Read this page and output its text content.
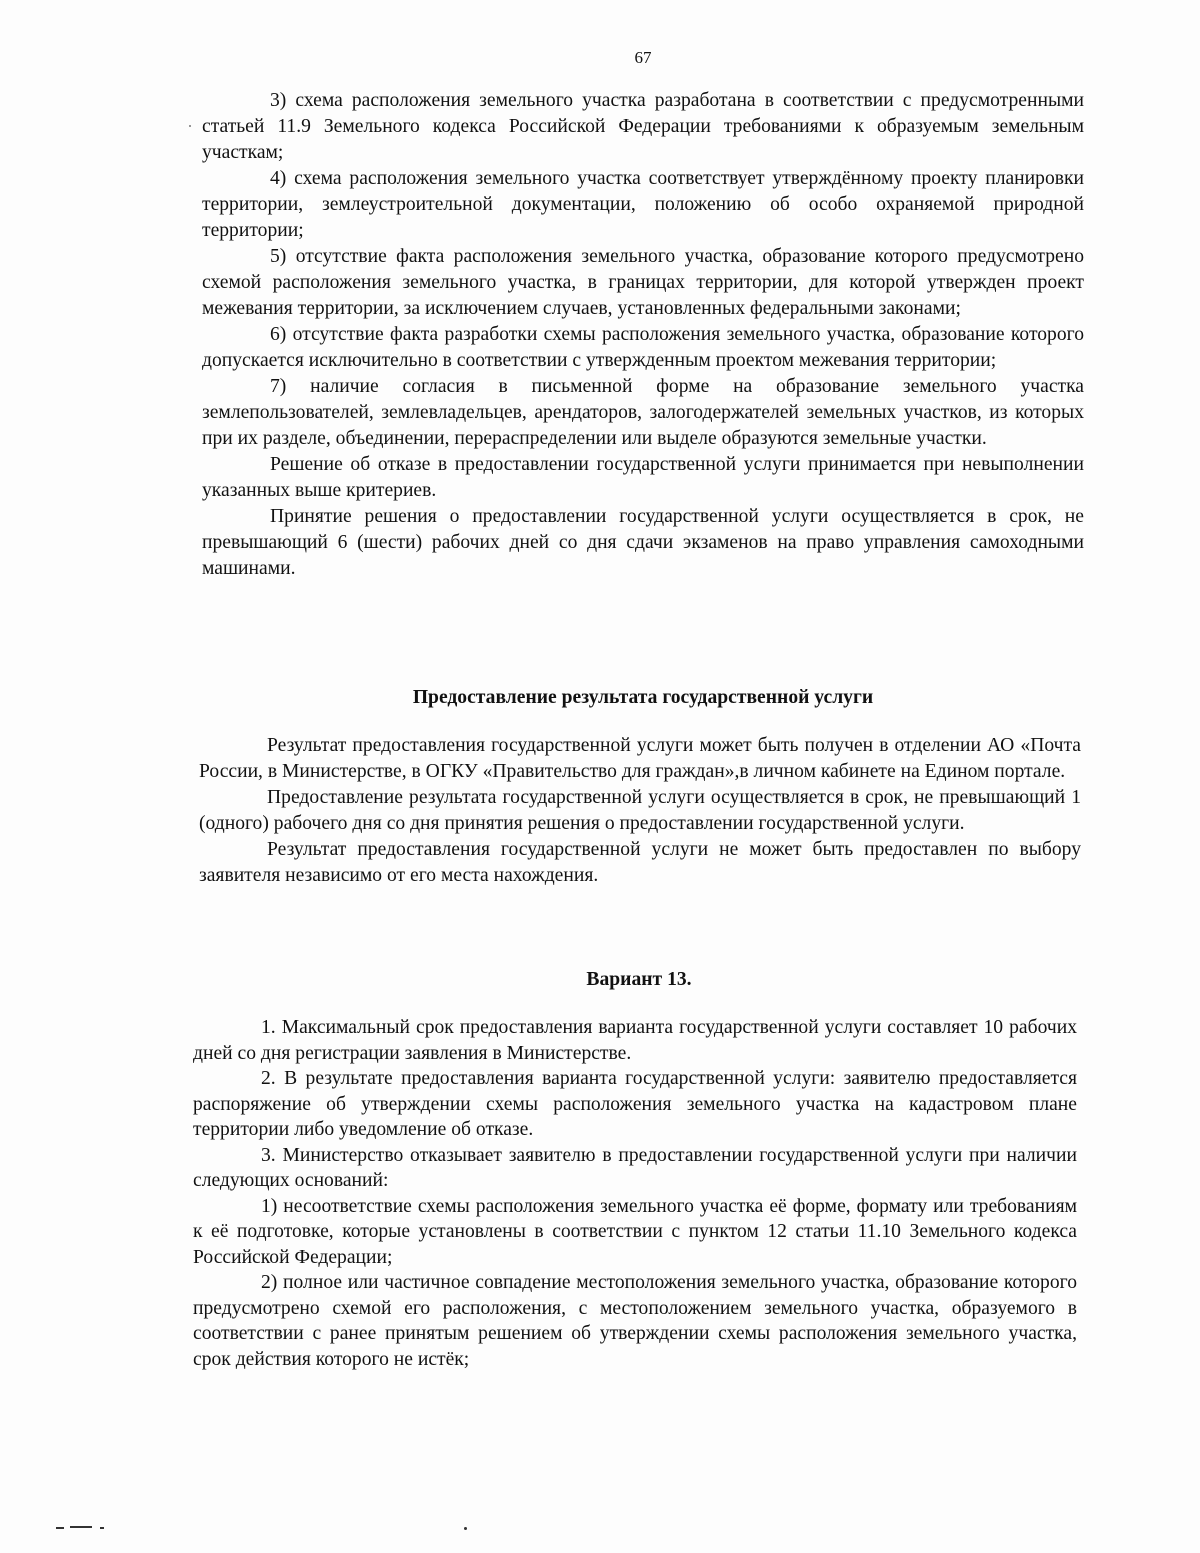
67

3) схема расположения земельного участка разработана в соответствии с предусмотренными статьей 11.9 Земельного кодекса Российской Федерации требованиями к образуемым земельным участкам;

4) схема расположения земельного участка соответствует утверждённому проекту планировки территории, землеустроительной документации, положению об особо охраняемой природной территории;

5) отсутствие факта расположения земельного участка, образование которого предусмотрено схемой расположения земельного участка, в границах территории, для которой утвержден проект межевания территории, за исключением случаев, установленных федеральными законами;

6) отсутствие факта разработки схемы расположения земельного участка, образование которого допускается исключительно в соответствии с утвержденным проектом межевания территории;

7) наличие согласия в письменной форме на образование земельного участка землепользователей, землевладельцев, арендаторов, залогодержателей земельных участков, из которых при их разделе, объединении, перераспределении или выделе образуются земельные участки.

Решение об отказе в предоставлении государственной услуги принимается при невыполнении указанных выше критериев.

Принятие решения о предоставлении государственной услуги осуществляется в срок, не превышающий 6 (шести) рабочих дней со дня сдачи экзаменов на право управления самоходными машинами.

Предоставление результата государственной услуги

Результат предоставления государственной услуги может быть получен в отделении АО «Почта России, в Министерстве, в ОГКУ «Правительство для граждан»,в личном кабинете на Едином портале.

Предоставление результата государственной услуги осуществляется в срок, не превышающий 1 (одного) рабочего дня со дня принятия решения о предоставлении государственной услуги.

Результат предоставления государственной услуги не может быть предоставлен по выбору заявителя независимо от его места нахождения.

Вариант 13.

1. Максимальный срок предоставления варианта государственной услуги составляет 10 рабочих дней со дня регистрации заявления в Министерстве.

2. В результате предоставления варианта государственной услуги: заявителю предоставляется распоряжение об утверждении схемы расположения земельного участка на кадастровом плане территории либо уведомление об отказе.

3. Министерство отказывает заявителю в предоставлении государственной услуги при наличии следующих оснований:

1) несоответствие схемы расположения земельного участка её форме, формату или требованиям к её подготовке, которые установлены в соответствии с пунктом 12 статьи 11.10 Земельного кодекса Российской Федерации;

2) полное или частичное совпадение местоположения земельного участка, образование которого предусмотрено схемой его расположения, с местоположением земельного участка, образуемого в соответствии с ранее принятым решением об утверждении схемы расположения земельного участка, срок действия которого не истёк;
